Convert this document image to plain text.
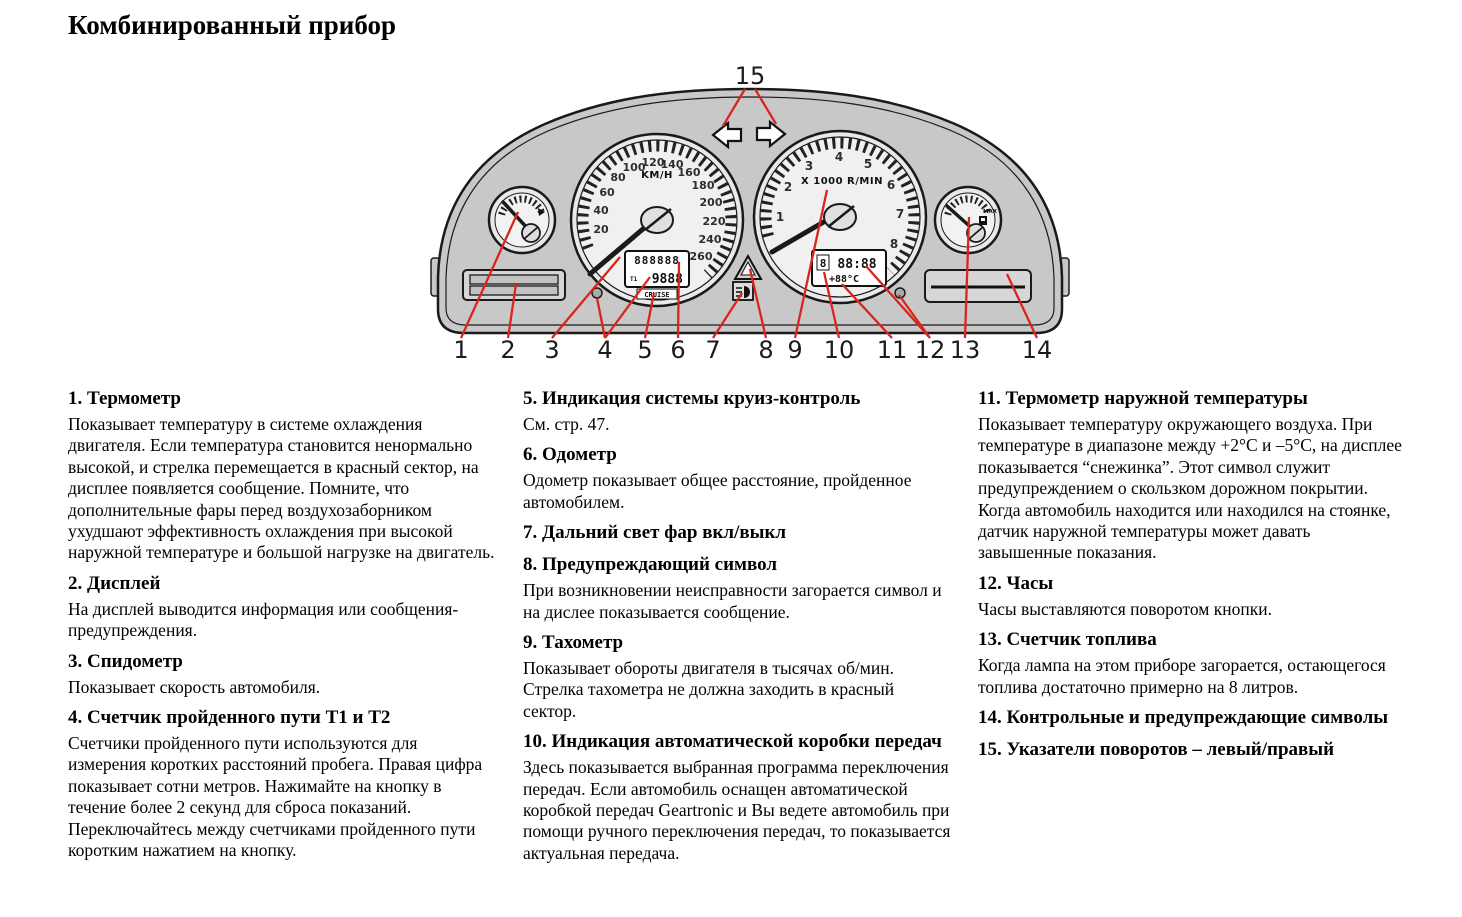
Комбинированный прибор
20
40
60
80
100
120
140
160
180
200
220
240
260
KM/H
888888
T1 9888
CRUISE
1
2
3
4 5
6
7
8
X 1000 R/MIN
8 88:88
+88°C
MAX
15
1 2 3 4 5 6 7 8 9 10 11 12 13 14
1. Термометр

Показывает температуру в системе охлаждения двигателя. Если температура становится ненормально высокой, и стрелка перемещается в красный сектор, на дисплее появляется сообщение. Помните, что дополнительные фары перед воздухозаборником ухудшают эффективность охлаждения при высокой наружной температуре и большой нагрузке на двигатель.

2. Дисплей

На дисплей выводится информация или сообщения-предупреждения.

3. Спидометр

Показывает скорость автомобиля.

4. Счетчик пройденного пути Т1 и Т2

Счетчики пройденного пути используются для измерения коротких расстояний пробега. Правая цифра показывает сотни метров. Нажимайте на кнопку в течение более 2 секунд для сброса показаний. Переключайтесь между счетчиками пройденного пути коротким нажатием на кнопку.

5. Индикация системы круиз-контроль

См. стр. 47.

6. Одометр

Одометр показывает общее расстояние, пройденное автомобилем.

7. Дальний свет фар вкл/выкл
8. Предупреждающий символ

При возникновении неисправности загорается символ и на дислее показывается сообщение.

9. Тахометр

Показывает обороты двигателя в тысячах об/мин. Стрелка тахометра не должна заходить в красный сектор.

10. Индикация автоматической коробки передач

Здесь показывается выбранная программа переключения передач. Если автомобиль оснащен автоматической коробкой передач Geartronic и Вы ведете автомобиль при помощи ручного переключения передач, то показывается актуальная передача.

11. Термометр наружной температуры

Показывает температуру окружающего воздуха. При температуре в диапазоне между +2°С и –5°С, на дисплее показывается “снежинка”. Этот символ служит предупреждением о скользком дорожном покрытии. Когда автомобиль находится или находился на стоянке, датчик наружной температуры может давать завышенные показания.

12. Часы

Часы выставляются поворотом кнопки.

13. Счетчик топлива

Когда лампа на этом приборе загорается, остающегося топлива достаточно примерно на 8 литров.

14. Контрольные и предупреждающие символы
15. Указатели поворотов – левый/правый
